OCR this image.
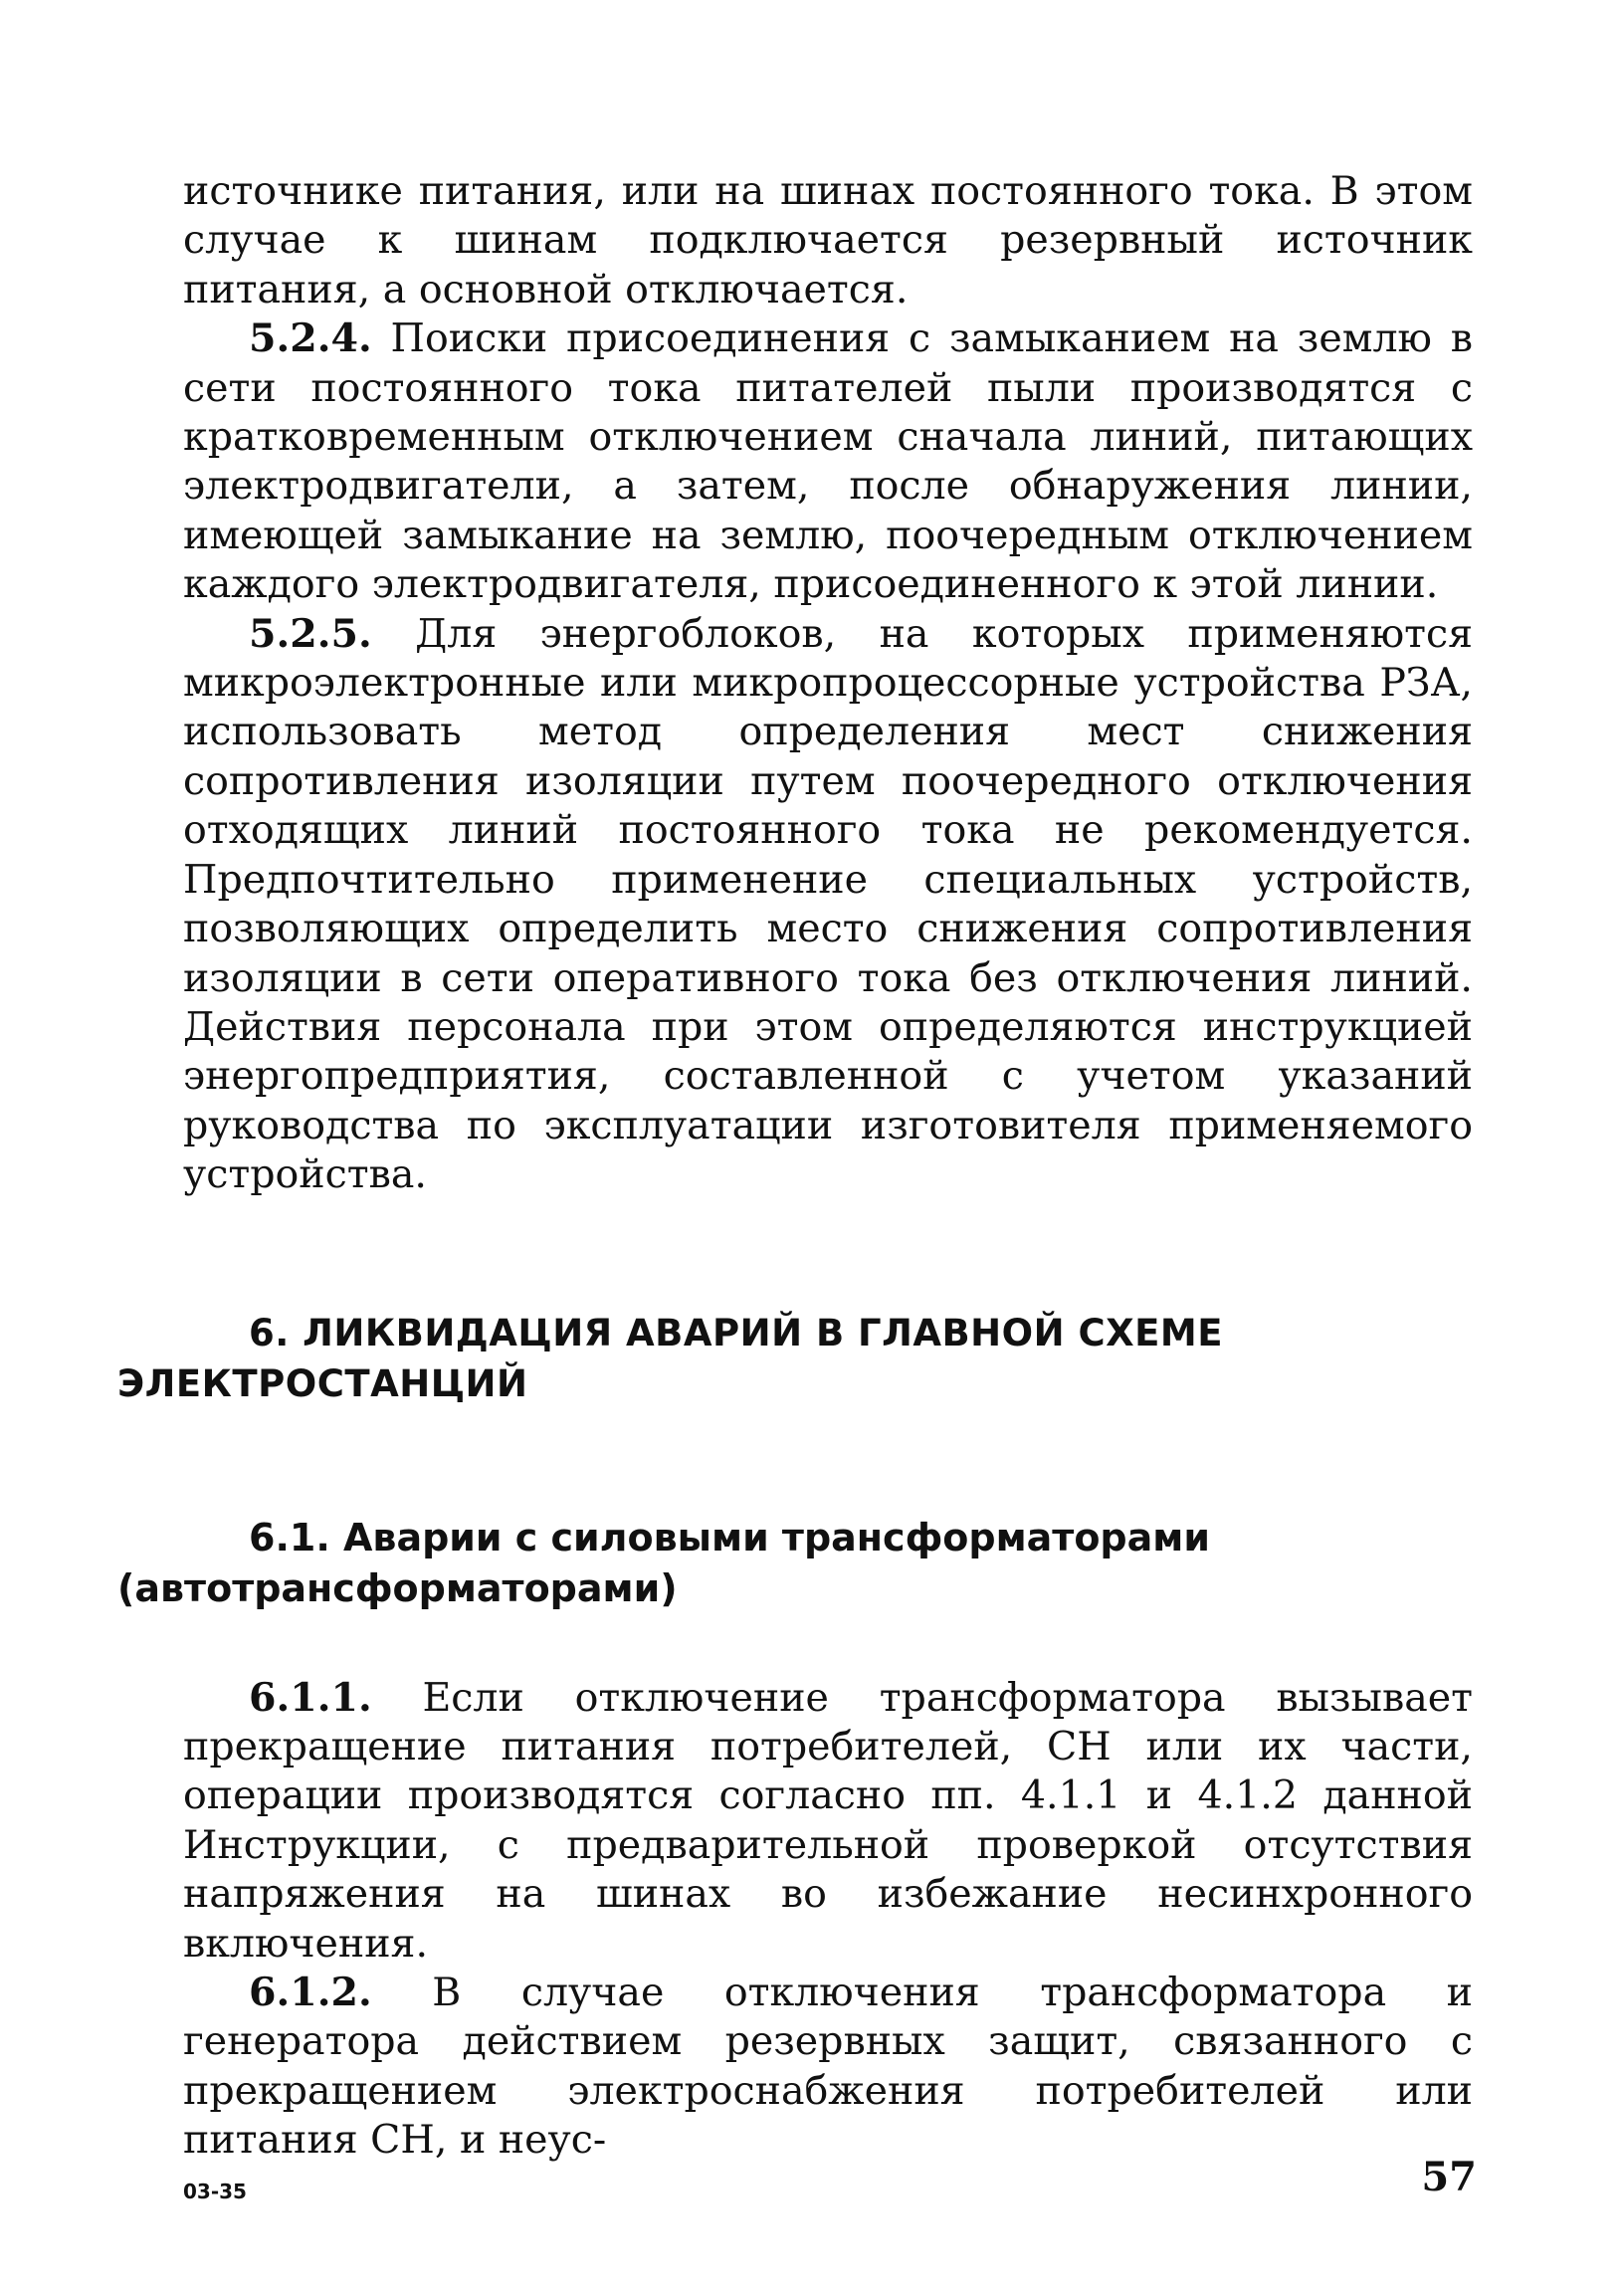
источнике питания, или на шинах постоянного тока. В этом случае к шинам подключается резервный источник питания, а основной отключается.

5.2.4. Поиски присоединения с замыканием на землю в сети постоянного тока питателей пыли производятся с кратковременным отключением сначала линий, питающих электродвигатели, а затем, после обнаружения линии, имеющей замыкание на землю, поочередным отключением каждого электродвигателя, присоединенного к этой линии.

5.2.5. Для энергоблоков, на которых применяются микроэлектронные или микропроцессорные устройства РЗА, использовать метод определения мест снижения сопротивления изоляции путем поочередного отключения отходящих линий постоянного тока не рекомендуется. Предпочтительно применение специальных устройств, позволяющих определить место снижения сопротивления изоляции в сети оперативного тока без отключения линий. Действия персонала при этом определяются инструкцией энергопредприятия, составленной с учетом указаний руководства по эксплуатации изготовителя применяемого устройства.

6. ЛИКВИДАЦИЯ АВАРИЙ В ГЛАВНОЙ СХЕМЕ
ЭЛЕКТРОСТАНЦИЙ
6.1. Аварии с силовыми трансформаторами
(автотрансформаторами)

6.1.1. Если отключение трансформатора вызывает прекращение питания потребителей, СН или их части, операции производятся согласно пп. 4.1.1 и 4.1.2 данной Инструкции, с предварительной проверкой отсутствия напряжения на шинах во избежание несинхронного включения.

6.1.2. В случае отключения трансформатора и генератора действием резервных защит, связанного с прекращением электроснабжения потребителей или питания СН, и неус-

03-35	57
